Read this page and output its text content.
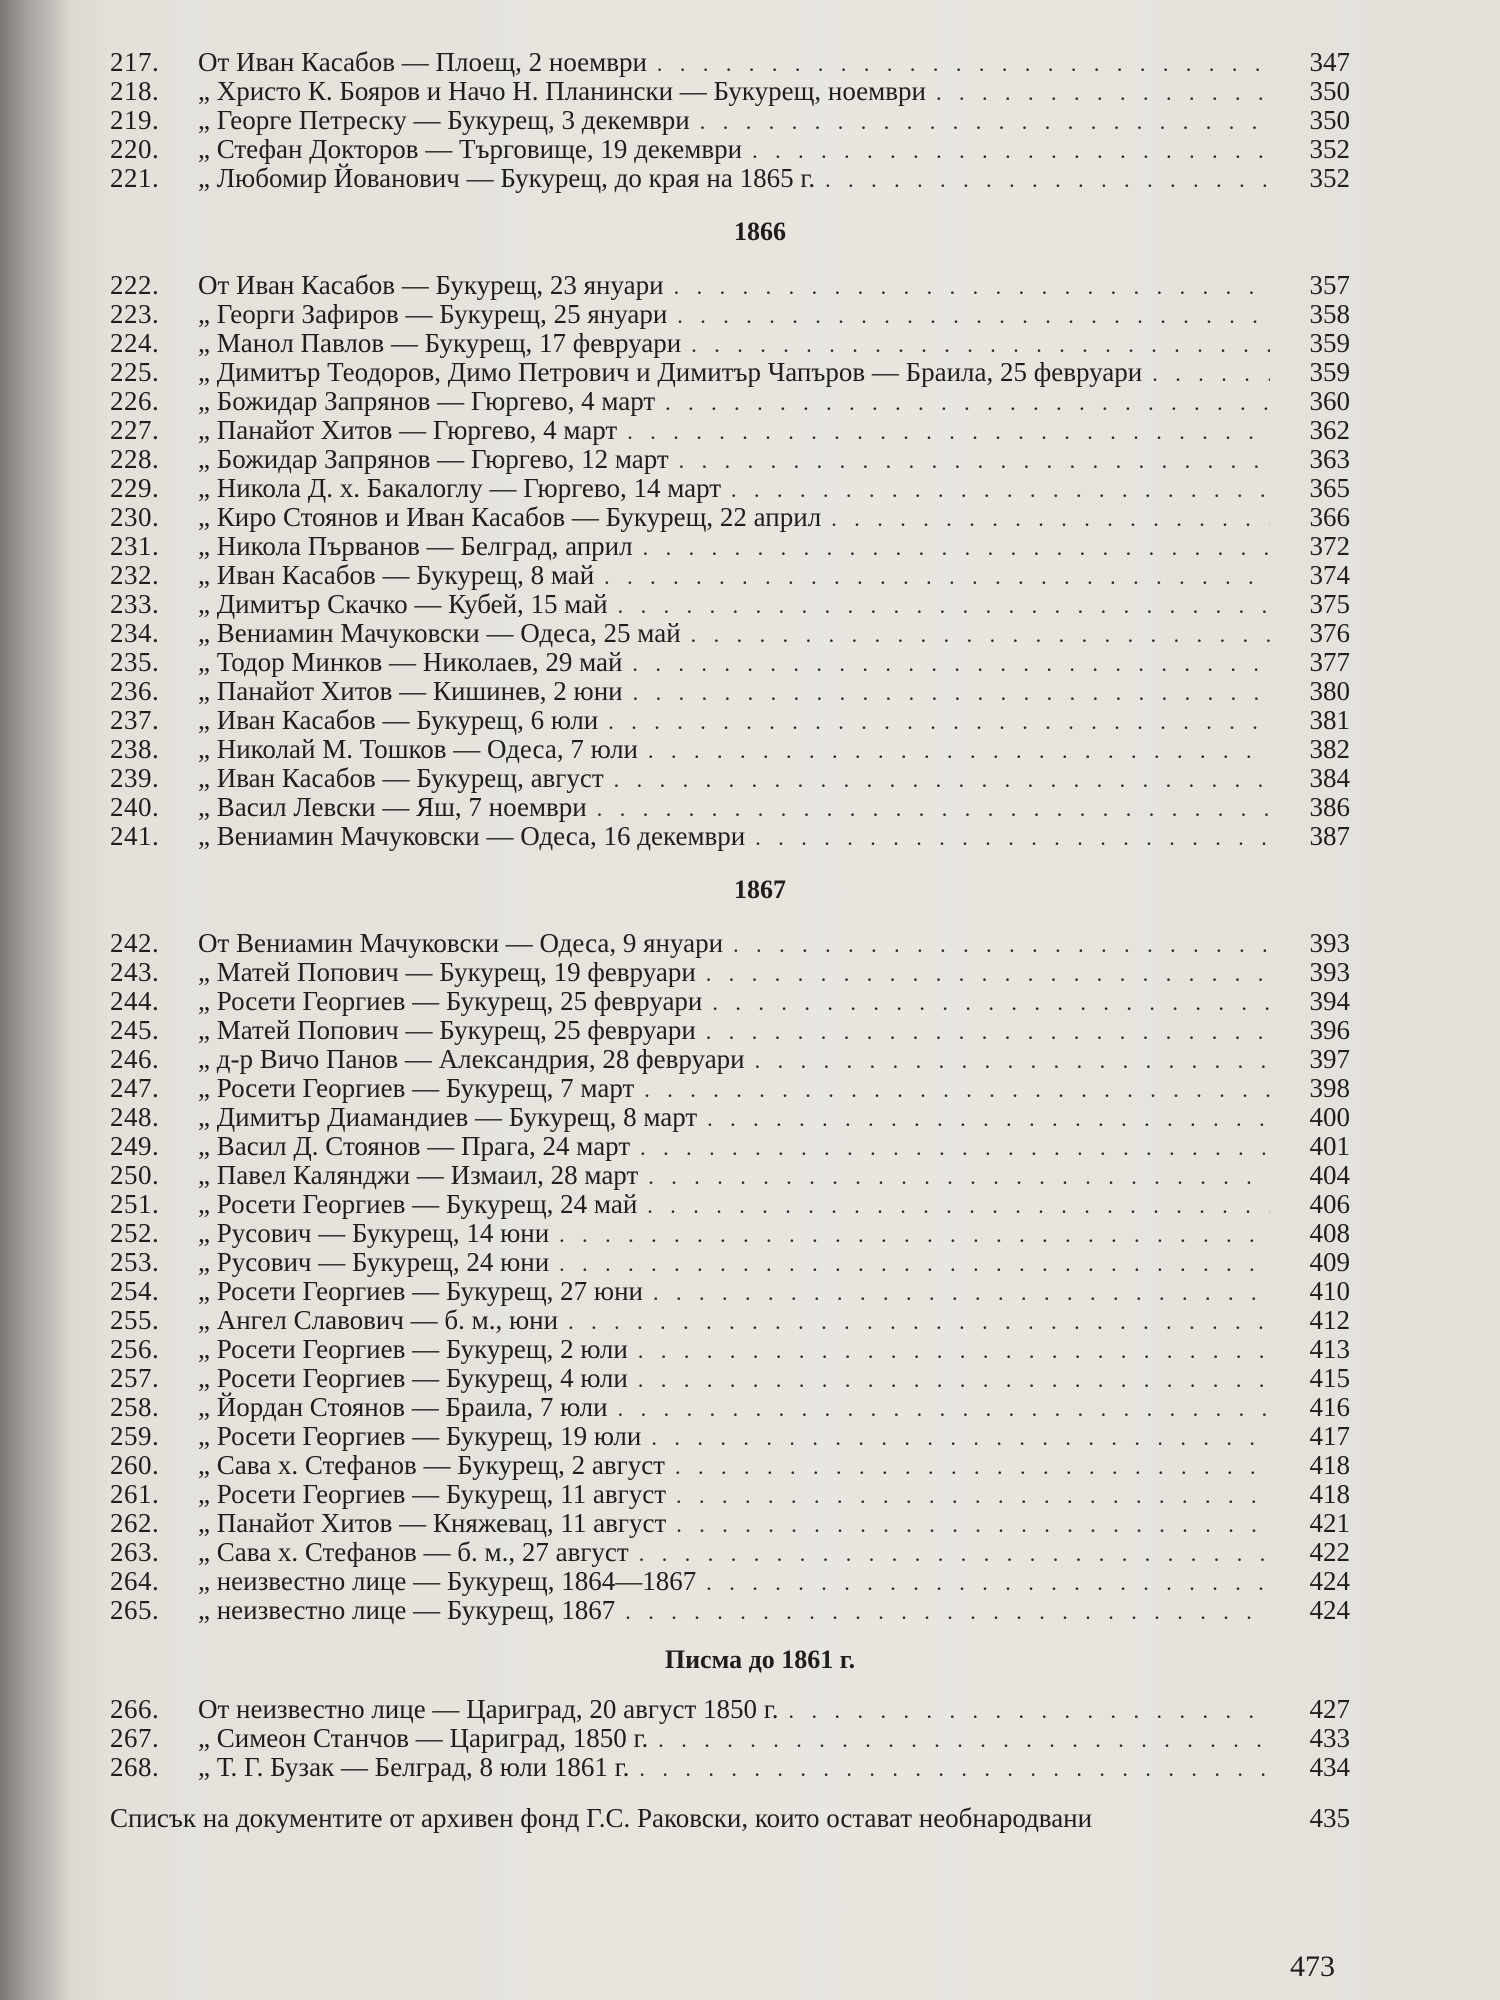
217.	От Иван Касабов — Плоещ, 2 ноември . . .	347
218.	„ Христо К. Бояров и Начо Н. Планински — Букурещ, ноември . . .	350
219.	„ Георге Петреску — Букурещ, 3 декември . . .	350
220.	„ Стефан Докторов — Търговище, 19 декември . . .	352
221.	„ Любомир Йованович — Букурещ, до края на 1865 г. . . .	352
1866
222.	От Иван Касабов — Букурещ, 23 януари . . .	357
223.	„ Георги Зафиров — Букурещ, 25 януари . . .	358
224.	„ Манол Павлов — Букурещ, 17 февруари . . .	359
225.	„ Димитър Теодоров, Димо Петрович и Димитър Чапъров — Браила, 25 февруари . . .	359
226.	„ Божидар Запрянов — Гюргево, 4 март . . .	360
227.	„ Панайот Хитов — Гюргево, 4 март . . .	362
228.	„ Божидар Запрянов — Гюргево, 12 март . . .	363
229.	„ Никола Д. х. Бакалоглу — Гюргево, 14 март . . .	365
230.	„ Киро Стоянов и Иван Касабов — Букурещ, 22 април . . .	366
231.	„ Никола Първанов — Белград, април . . .	372
232.	„ Иван Касабов — Букурещ, 8 май . . .	374
233.	„ Димитър Скачко — Кубей, 15 май . . .	375
234.	„ Вениамин Мачуковски — Одеса, 25 май . . .	376
235.	„ Тодор Минков — Николаев, 29 май . . .	377
236.	„ Панайот Хитов — Кишинев, 2 юни . . .	380
237.	„ Иван Касабов — Букурещ, 6 юли . . .	381
238.	„ Николай М. Тошков — Одеса, 7 юли . . .	382
239.	„ Иван Касабов — Букурещ, август . . .	384
240.	„ Васил Левски — Яш, 7 ноември . . .	386
241.	„ Вениамин Мачуковски — Одеса, 16 декември . . .	387
1867
242.	От Вениамин Мачуковски — Одеса, 9 януари . . .	393
243.	„ Матей Попович — Букурещ, 19 февруари . . .	393
244.	„ Росети Георгиев — Букурещ, 25 февруари . . .	394
245.	„ Матей Попович — Букурещ, 25 февруари . . .	396
246.	„ д-р Вичо Панов — Александрия, 28 февруари . . .	397
247.	„ Росети Георгиев — Букурещ, 7 март . . .	398
248.	„ Димитър Диамандиев — Букурещ, 8 март . . .	400
249.	„ Васил Д. Стоянов — Прага, 24 март . . .	401
250.	„ Павел Калянджи — Измаил, 28 март . . .	404
251.	„ Росети Георгиев — Букурещ, 24 май . . .	406
252.	„ Русович — Букурещ, 14 юни . . .	408
253.	„ Русович — Букурещ, 24 юни . . .	409
254.	„ Росети Георгиев — Букурещ, 27 юни . . .	410
255.	„ Ангел Славович — б. м., юни . . .	412
256.	„ Росети Георгиев — Букурещ, 2 юли . . .	413
257.	„ Росети Георгиев — Букурещ, 4 юли . . .	415
258.	„ Йордан Стоянов — Браила, 7 юли . . .	416
259.	„ Росети Георгиев — Букурещ, 19 юли . . .	417
260.	„ Сава х. Стефанов — Букурещ, 2 август . . .	418
261.	„ Росети Георгиев — Букурещ, 11 август . . .	418
262.	„ Панайот Хитов — Княжевац, 11 август . . .	421
263.	„ Сава х. Стефанов — б. м., 27 август . . .	422
264.	„ неизвестно лице — Букурещ, 1864—1867 . . .	424
265.	„ неизвестно лице — Букурещ, 1867 . . .	424
Писма до 1861 г.
266.	От неизвестно лице — Цариград, 20 август 1850 г. . . .	427
267.	„ Симеон Станчов — Цариград, 1850 г. . . .	433
268.	„ Т. Г. Бузак — Белград, 8 юли 1861 г. . . .	434
Списък на документите от архивен фонд Г.С. Раковски, които остават необнародвани	435
473
